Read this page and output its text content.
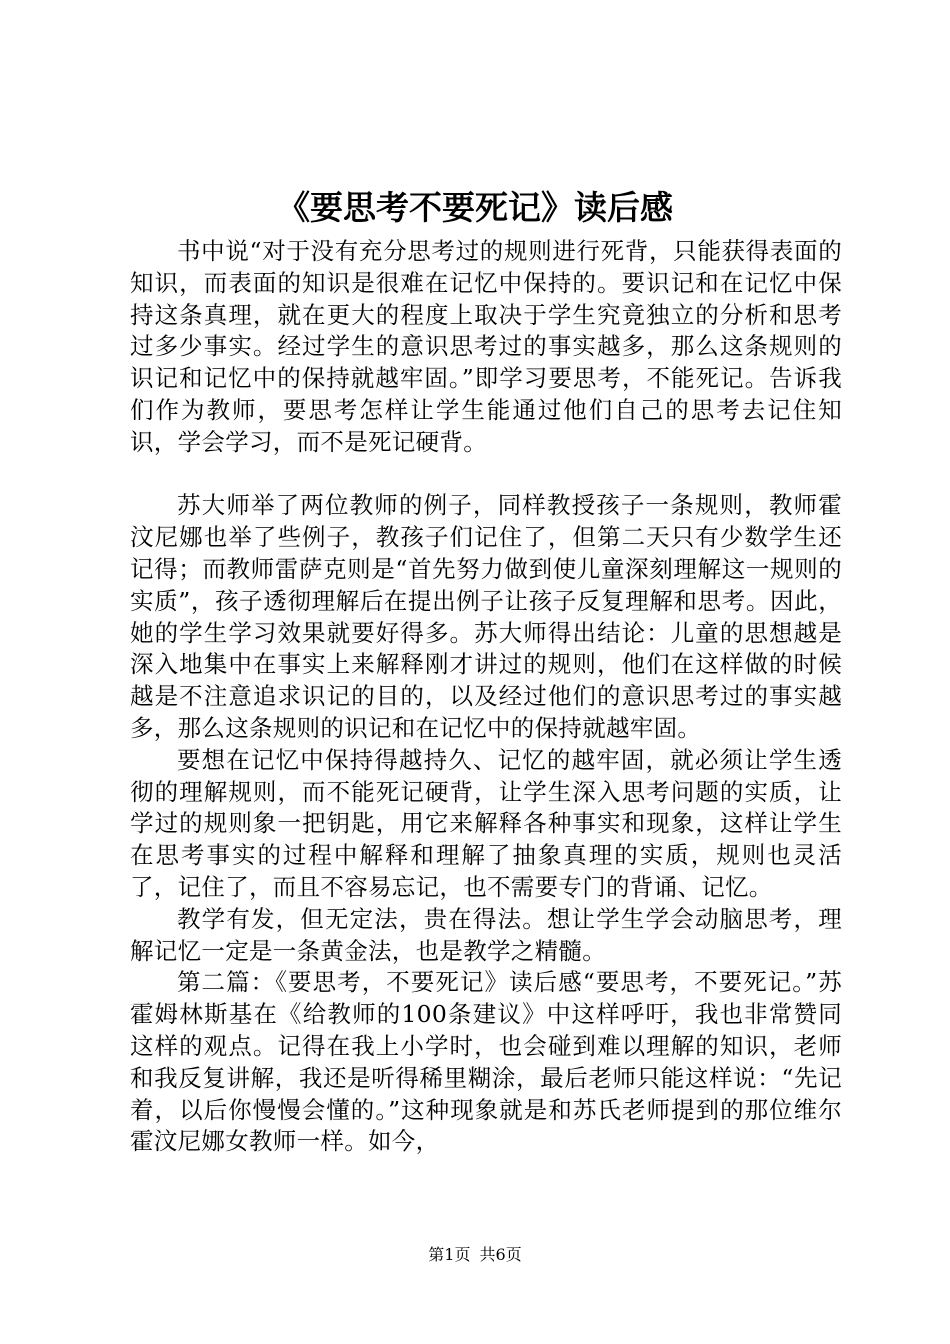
《要思考不要死记》读后感

书中说“对于没有充分思考过的规则进行死背，只能获得表面的知识，而表面的知识是很难在记忆中保持的。要识记和在记忆中保持这条真理，就在更大的程度上取决于学生究竟独立的分析和思考过多少事实。经过学生的意识思考过的事实越多，那么这条规则的识记和记忆中的保持就越牢固。”即学习要思考，不能死记。告诉我们作为教师，要思考怎样让学生能通过他们自己的思考去记住知识，学会学习，而不是死记硬背。

苏大师举了两位教师的例子，同样教授孩子一条规则，教师霍汶尼娜也举了些例子，教孩子们记住了，但第二天只有少数学生还记得；而教师雷萨克则是“首先努力做到使儿童深刻理解这一规则的实质”，孩子透彻理解后在提出例子让孩子反复理解和思考。因此，她的学生学习效果就要好得多。苏大师得出结论：儿童的思想越是深入地集中在事实上来解释刚才讲过的规则，他们在这样做的时候越是不注意追求识记的目的，以及经过他们的意识思考过的事实越多，那么这条规则的识记和在记忆中的保持就越牢固。

要想在记忆中保持得越持久、记忆的越牢固，就必须让学生透彻的理解规则，而不能死记硬背，让学生深入思考问题的实质，让学过的规则象一把钥匙，用它来解释各种事实和现象，这样让学生在思考事实的过程中解释和理解了抽象真理的实质，规则也灵活了，记住了，而且不容易忘记，也不需要专门的背诵、记忆。

教学有发，但无定法，贵在得法。想让学生学会动脑思考，理解记忆一定是一条黄金法，也是教学之精髓。

第二篇：《要思考，不要死记》读后感“要思考，不要死记。”苏霍姆林斯基在《给教师的100条建议》中这样呼吁，我也非常赞同这样的观点。记得在我上小学时，也会碰到难以理解的知识，老师和我反复讲解，我还是听得稀里糊涂，最后老师只能这样说：“先记着，以后你慢慢会懂的。”这种现象就是和苏氏老师提到的那位维尔霍汶尼娜女教师一样。如今，

第1页 共6页
